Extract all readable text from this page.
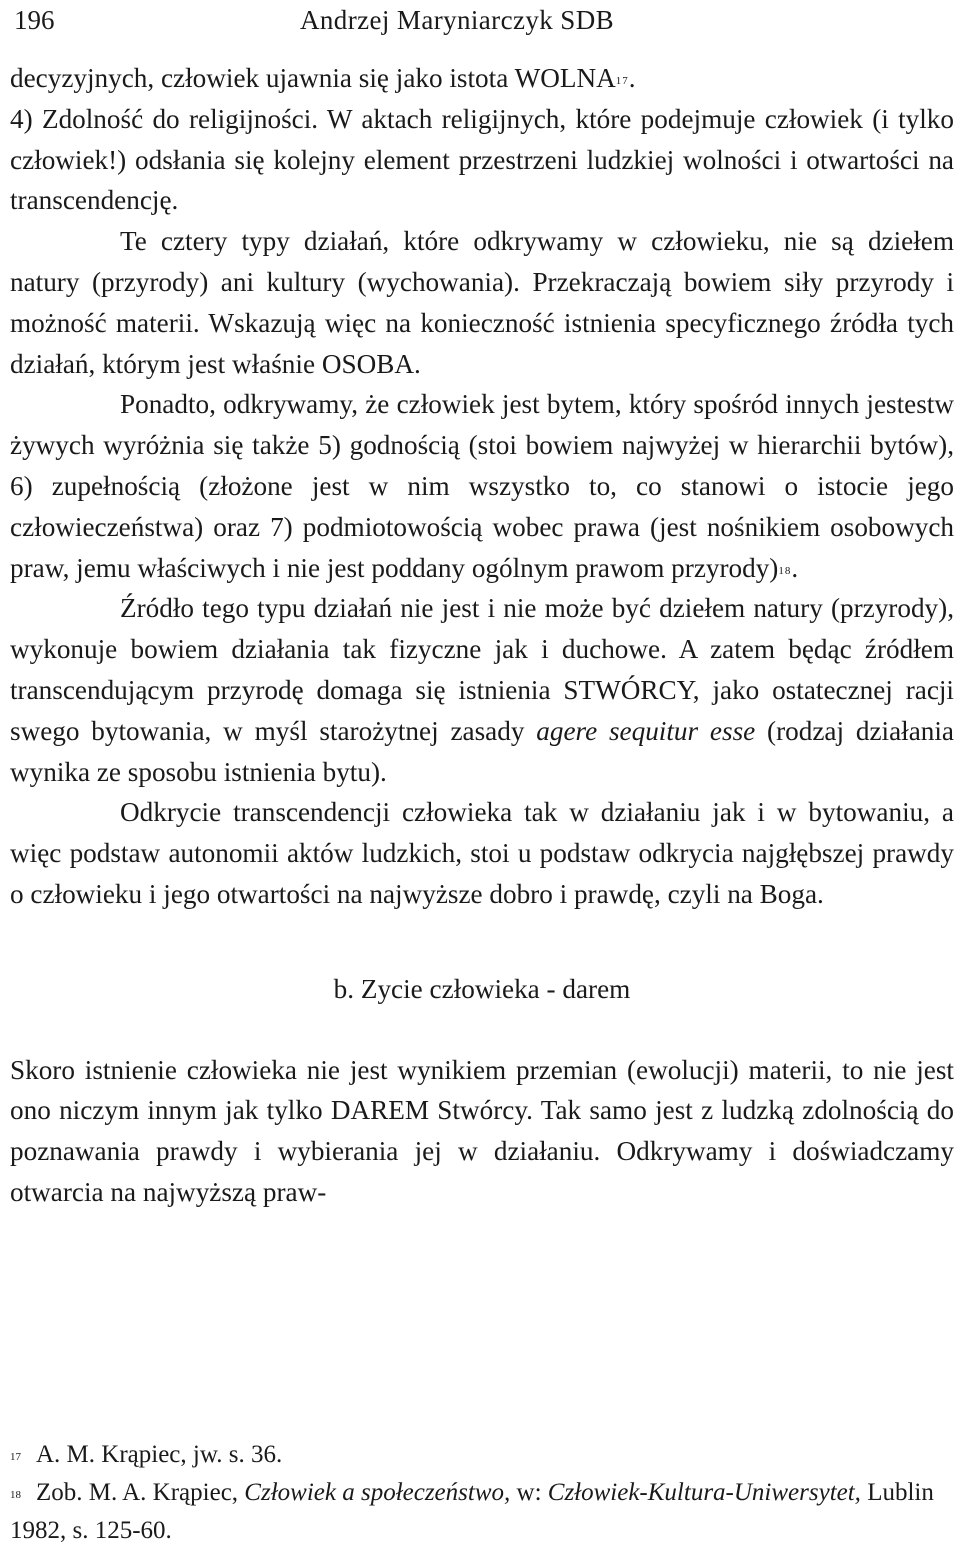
196	Andrzej Maryniarczyk SDB

decyzyjnych, człowiek ujawnia się jako istota WOLNA$^{17}$.

4) Zdolność do religijności. W aktach religijnych, które podejmuje człowiek (i tylko człowiek!) odsłania się kolejny element przestrzeni ludzkiej wolności i otwartości na transcendencję.

Te cztery typy działań, które odkrywamy w człowieku, nie są dziełem natury (przyrody) ani kultury (wychowania). Przekraczają bowiem siły przyrody i możność materii. Wskazują więc na konieczność istnienia specyficznego źródła tych działań, którym jest właśnie OSOBA.

Ponadto, odkrywamy, że człowiek jest bytem, który spośród innych jestestw żywych wyróżnia się także 5) godnością (stoi bowiem najwyżej w hierarchii bytów), 6) zupełnością (złożone jest w nim wszystko to, co stanowi o istocie jego człowieczeństwa) oraz 7) podmiotowością wobec prawa (jest nośnikiem osobowych praw, jemu właściwych i nie jest poddany ogólnym prawom przyrody)$^{18}$.

Źródło tego typu działań nie jest i nie może być dziełem natury (przyrody), wykonuje bowiem działania tak fizyczne jak i duchowe. A zatem będąc źródłem transcendującym przyrodę domaga się istnienia STWÓRCY, jako ostatecznej racji swego bytowania, w myśl starożytnej zasady agere sequitur esse (rodzaj działania wynika ze sposobu istnienia bytu).

Odkrycie transcendencji człowieka tak w działaniu jak i w bytowaniu, a więc podstaw autonomii aktów ludzkich, stoi u podstaw odkrycia najgłębszej prawdy o człowieku i jego otwartości na najwyższe dobro i prawdę, czyli na Boga.

b. Zycie człowieka - darem

Skoro istnienie człowieka nie jest wynikiem przemian (ewolucji) materii, to nie jest ono niczym innym jak tylko DAREM Stwórcy. Tak samo jest z ludzką zdolnością do poznawania prawdy i wybierania jej w działaniu. Odkrywamy i doświadczamy otwarcia na najwyższą praw-

17 A. M. Krąpiec, jw. s. 36.

18 Zob. M. A. Krąpiec, Człowiek a społeczeństwo, w: Człowiek-Kultura-Uniwersytet, Lublin 1982, s. 125-60.
